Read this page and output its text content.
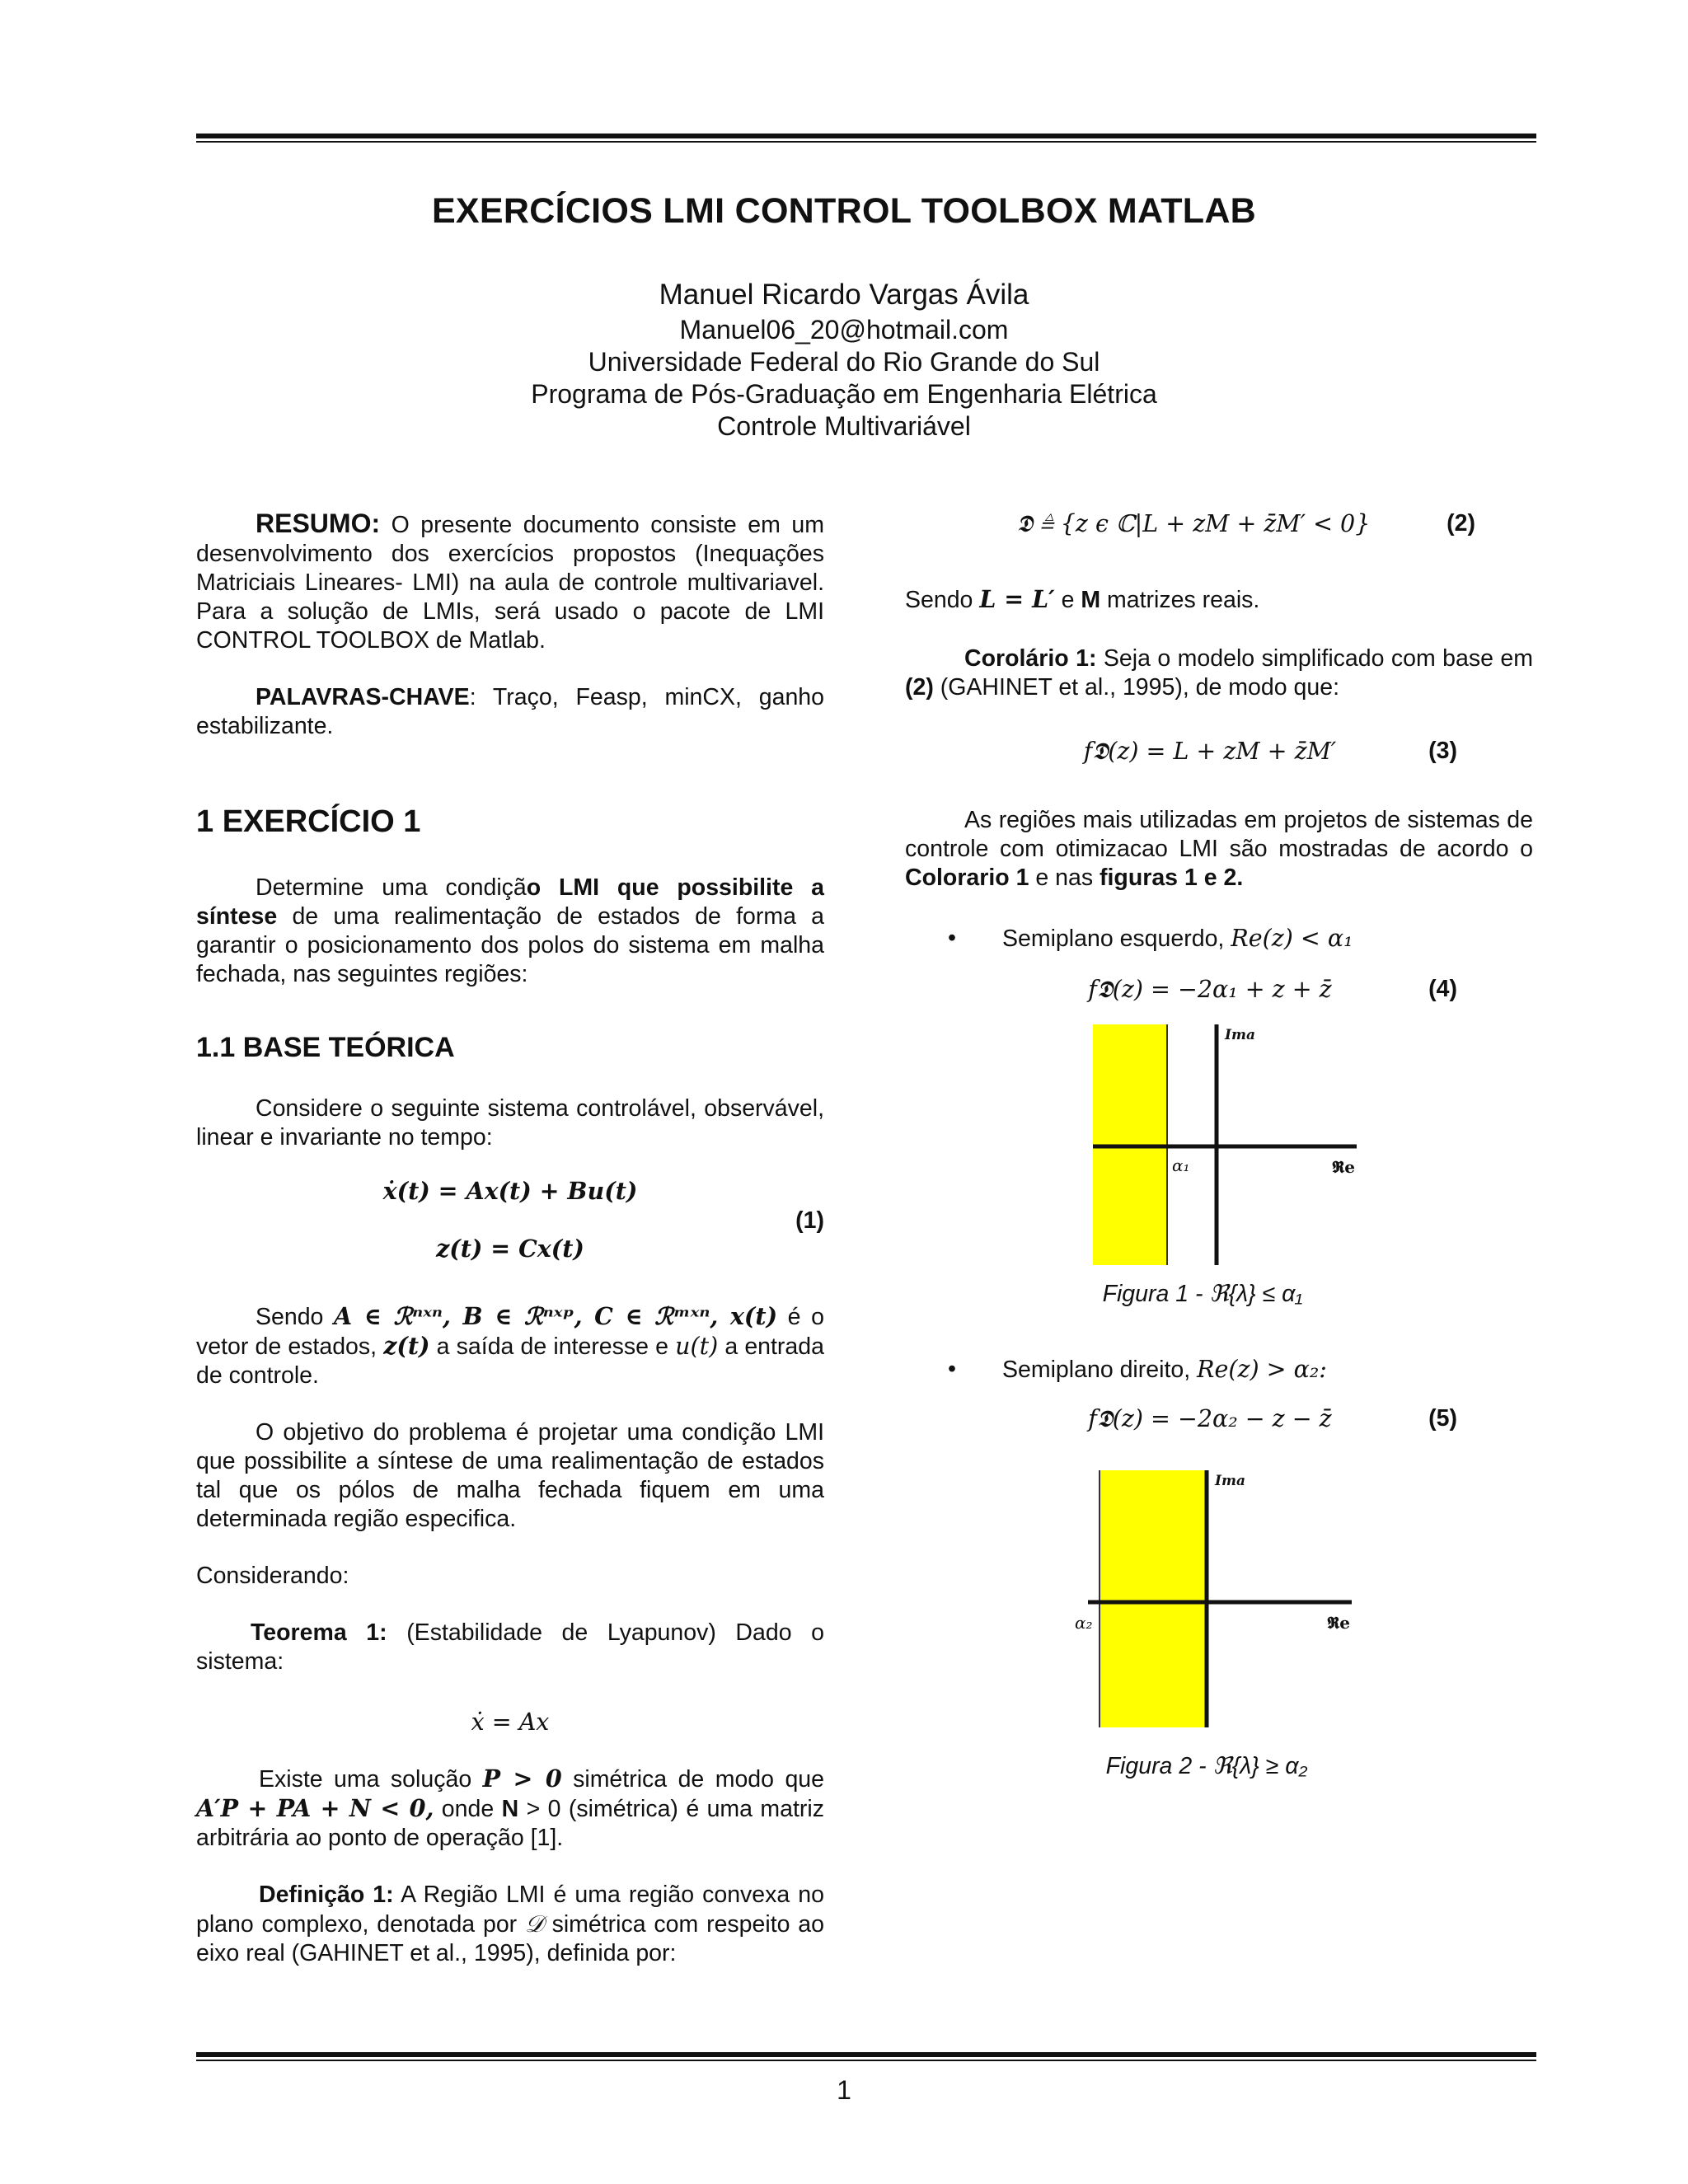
EXERCÍCIOS LMI CONTROL TOOLBOX MATLAB
Manuel Ricardo Vargas Ávila
Manuel06_20@hotmail.com
Universidade Federal do Rio Grande do Sul
Programa de Pós-Graduação em Engenharia Elétrica
Controle Multivariável

RESUMO: O presente documento consiste em um desenvolvimento dos exercícios propostos (Inequações Matriciais Lineares- LMI) na aula de controle multivariavel. Para a solução de LMIs, será usado o pacote de LMI CONTROL TOOLBOX de Matlab.

PALAVRAS-CHAVE: Traço, Feasp, minCX, ganho estabilizante.

1 EXERCÍCIO 1

Determine uma condição LMI que possibilite a síntese de uma realimentação de estados de forma a garantir o posicionamento dos polos do sistema em malha fechada, nas seguintes regiões:

1.1 BASE TEÓRICA

Considere o seguinte sistema controlável, observável, linear e invariante no tempo:

ẋ(t) = Ax(t) + Bu(t)
z(t) = Cx(t)
(1)

Sendo A ∈ ℛⁿˣⁿ, B ∈ ℛⁿˣᵖ, C ∈ ℛᵐˣⁿ, x(t) é o vetor de estados, z(t) a saída de interesse e u(t) a entrada de controle.

O objetivo do problema é projetar uma condição LMI que possibilite a síntese de uma realimentação de estados tal que os pólos de malha fechada fiquem em uma determinada região especifica.

Considerando:

Teorema 1: (Estabilidade de Lyapunov) Dado o sistema:

ẋ = Ax

Existe uma solução P > 0 simétrica de modo que A′P + PA + N < 0, onde N > 0 (simétrica) é uma matriz arbitrária ao ponto de operação [1].

Definição 1: A Região LMI é uma região convexa no plano complexo, denotada por 𝒟 simétrica com respeito ao eixo real (GAHINET et al., 1995), definida por:

𝕯 ≜ {z ϵ ℂ|L + zM + z̄M′ < 0}	(2)

Sendo L = L′ e M matrizes reais.

Corolário 1: Seja o modelo simplificado com base em (2) (GAHINET et al., 1995), de modo que:

f𝕯(z) = L + zM + z̄M′	(3)

As regiões mais utilizadas em projetos de sistemas de controle com otimizacao LMI são mostradas de acordo o Colorario 1 e nas figuras 1 e 2.

• Semiplano esquerdo, Re(z) < α₁
f𝕯(z) = −2α₁ + z + z̄	(4)
Ima
α₁	𝕽e
Figura 1 - ℜ{λ} ≤ α₁
• Semiplano direito, Re(z) > α₂:
f𝕯(z) = −2α₂ − z − z̄	(5)
Ima
α₂	𝕽e
Figura 2 - ℜ{λ} ≥ α₂
1
